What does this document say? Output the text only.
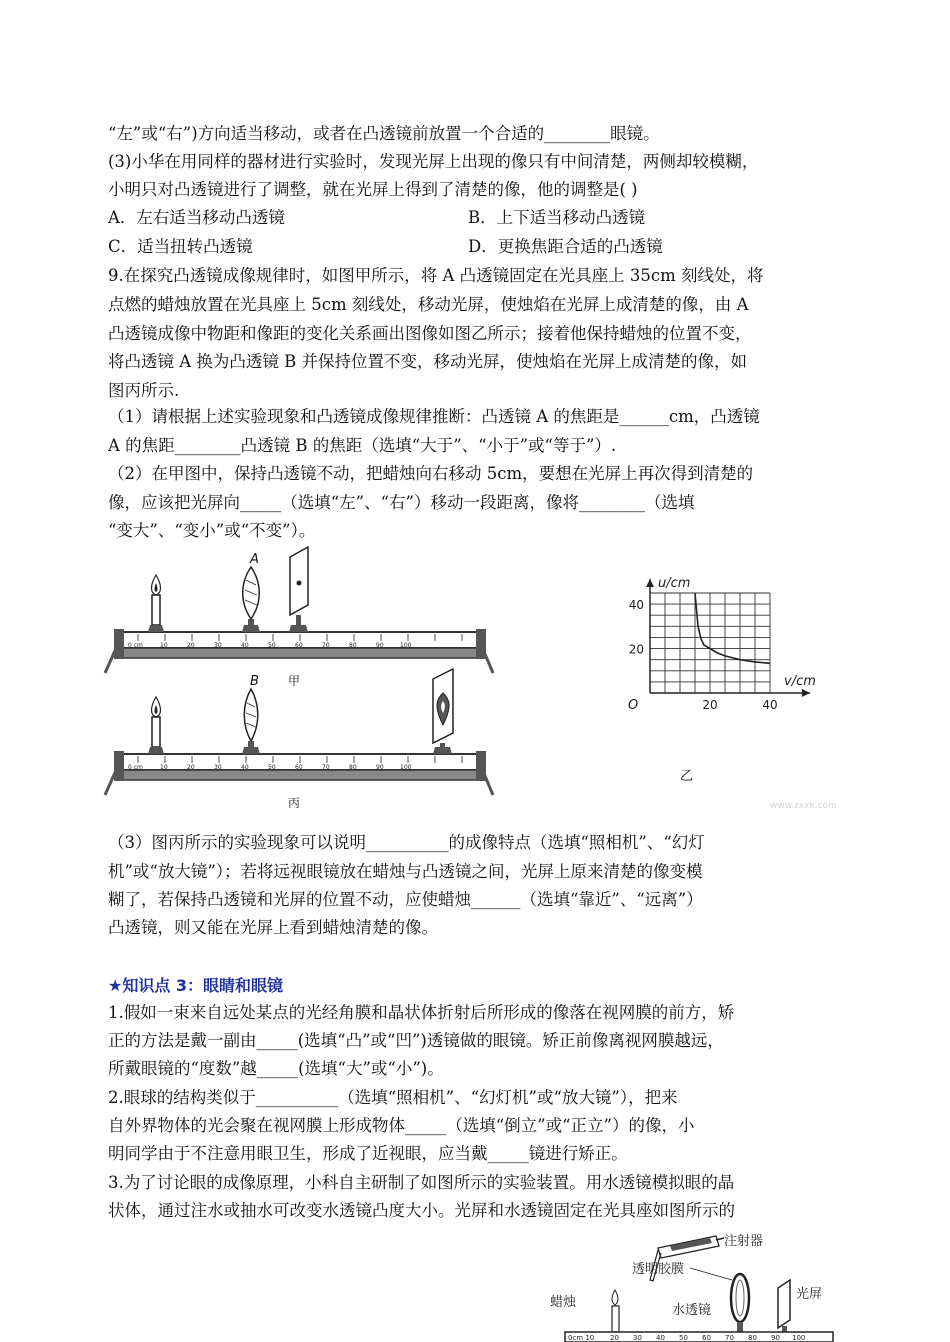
“左”或“右”)方向适当移动，或者在凸透镜前放置一个合适的________眼镜。
(3)小华在用同样的器材进行实验时，发现光屏上出现的像只有中间清楚，两侧却较模糊，
小明只对凸透镜进行了调整，就在光屏上得到了清楚的像，他的调整是( )
A．左右适当移动凸透镜	B．上下适当移动凸透镜
C．适当扭转凸透镜	D．更换焦距合适的凸透镜
9.在探究凸透镜成像规律时，如图甲所示，将 A 凸透镜固定在光具座上 35cm 刻线处，将
点燃的蜡烛放置在光具座上 5cm 刻线处，移动光屏，使烛焰在光屏上成清楚的像，由 A
凸透镜成像中物距和像距的变化关系画出图像如图乙所示；接着他保持蜡烛的位置不变，
将凸透镜 A 换为凸透镜 B 并保持位置不变，移动光屏，使烛焰在光屏上成清楚的像，如
图丙所示.
（1）请根据上述实验现象和凸透镜成像规律推断：凸透镜 A 的焦距是______cm，凸透镜
A 的焦距________凸透镜 B 的焦距（选填“大于”、“小于”或“等于”）.
（2）在甲图中，保持凸透镜不动，把蜡烛向右移动 5cm，要想在光屏上再次得到清楚的
像，应该把光屏向_____（选填“左”、“右”）移动一段距离，像将________（选填
“变大”、“变小”或“不变”）。
0 cm	10	20	30	40	50	60	70	80	90	100
A
甲
0 cm	10	20	30	40	50	60	70	80	90	100
B
丙
u/cm
v/cm
O
20
40
20	40
乙
www.zxxk.com
（3）图丙所示的实验现象可以说明__________的成像特点（选填“照相机”、“幻灯
机”或“放大镜”）；若将远视眼镜放在蜡烛与凸透镜之间，光屏上原来清楚的像变模
糊了，若保持凸透镜和光屏的位置不动，应使蜡烛______（选填“靠近”、“远离”）
凸透镜，则又能在光屏上看到蜡烛清楚的像。
★知识点 3：眼睛和眼镜
1.假如一束来自远处某点的光经角膜和晶状体折射后所形成的像落在视网膜的前方，矫
正的方法是戴一副由_____(选填“凸”或“凹”)透镜做的眼镜。矫正前像离视网膜越远，
所戴眼镜的“度数”越_____(选填“大”或“小”)。
2.眼球的结构类似于__________（选填“照相机”、“幻灯机”或“放大镜”），把来
自外界物体的光会聚在视网膜上形成物体_____（选填“倒立”或“正立”）的像，小
明同学由于不注意用眼卫生，形成了近视眼，应当戴_____镜进行矫正。
3.为了讨论眼的成像原理，小科自主研制了如图所示的实验装置。用水透镜模拟眼的晶
状体，通过注水或抽水可改变水透镜凸度大小。光屏和水透镜固定在光具座如图所示的
注射器
透明胶膜
蜡烛
水透镜
光屏
0cm 10 20 30 40 50 60 70 80 90 100
